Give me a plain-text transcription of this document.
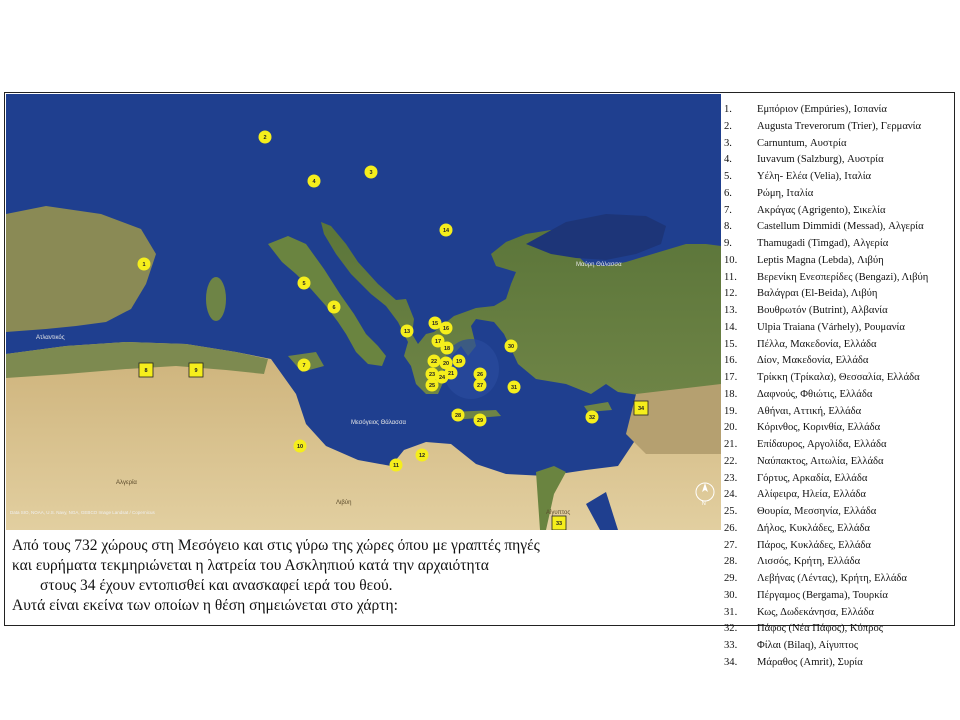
Ατλαντικός
Μεσόγειος Θάλασσα
Αλγερία
Λιβύη
Αίγυπτος
Μαύρη Θάλασσα
Data SIO, NOAA, U.S. Navy, NGA, GEBCO Image Landsat / Copernicus
N
1
2
3
4
5
6
7
8	9
10
11
12
13
14
15
16
17
18
19
20
21
22
23 24
25
26
27
28
29
30
31
32
33
34
Από τους 732 χώρους στη Μεσόγειο και στις γύρω της χώρες όπου με γραπτές πηγές
και ευρήματα τεκμηριώνεται η λατρεία του Ασκληπιού κατά την αρχαιότητα
στους 34 έχουν εντοπισθεί και ανασκαφεί ιερά του θεού.
Αυτά είναι εκείνα των οποίων η θέση σημειώνεται στο χάρτη:
1.	Εμπόριον (Empúries), Ισπανία
2.	Augusta Treverorum (Trier), Γερμανία
3.	Carnuntum, Αυστρία
4.	Iuvavum (Salzburg), Αυστρία
5.	Υέλη- Ελέα (Velia), Ιταλία
6.	Ρώμη, Ιταλία
7.	Ακράγας (Agrigento), Σικελία
8.	Castellum Dimmidi (Messad), Αλγερία
9.	Thamugadi (Timgad), Αλγερία
10.	Leptis Magna (Lebda), Λιβύη
11.	Βερενίκη Ενεσπερίδες (Bengazi), Λιβύη
12.	Βαλάγραι (El-Beida), Λιβύη
13.	Βουθρωτόν (Butrint), Αλβανία
14.	Ulpia Traiana (Várhely), Ρουμανία
15.	Πέλλα, Μακεδονία, Ελλάδα
16.	Δίον, Μακεδονία, Ελλάδα
17.	Τρίκκη (Τρίκαλα), Θεσσαλία, Ελλάδα
18.	Δαφνούς, Φθιώτις, Ελλάδα
19.	Αθήναι, Αττική, Ελλάδα
20.	Κόρινθος, Κορινθία, Ελλάδα
21.	Επίδαυρος, Αργολίδα, Ελλάδα
22.	Ναύπακτος, Αιτωλία, Ελλάδα
23.	Γόρτυς, Αρκαδία, Ελλάδα
24.	Αλίφειρα, Ηλεία, Ελλάδα
25.	Θουρία, Μεσσηνία, Ελλάδα
26.	Δήλος, Κυκλάδες, Ελλάδα
27.	Πάρος, Κυκλάδες, Ελλάδα
28.	Λισσός, Κρήτη, Ελλάδα
29.	Λεβήνας (Λέντας), Κρήτη, Ελλάδα
30.	Πέργαμος (Bergama), Τουρκία
31.	Κως, Δωδεκάνησα, Ελλάδα
32.	Πάφος (Νέα Πάφος), Κύπρος
33.	Φίλαι (Bilaq), Αίγυπτος
34.	Μάραθος (Amrit), Συρία
